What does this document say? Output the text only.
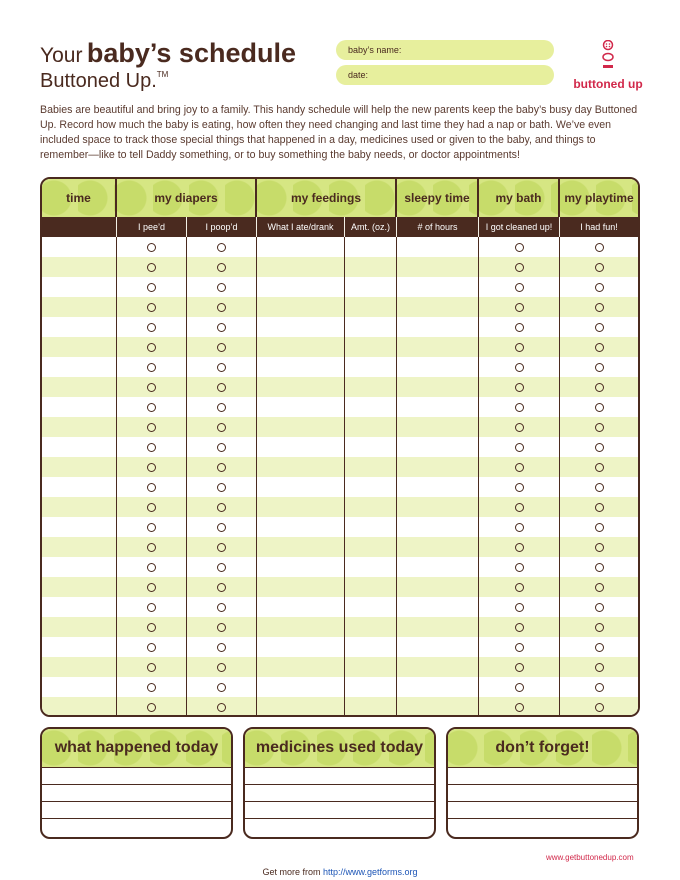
Your baby’s schedule
Buttoned Up.™
baby’s name:
date:
buttoned up
Babies are beautiful and bring joy to a family. This handy schedule will help the new parents keep the baby’s busy day Buttoned Up. Record how much the baby is eating, how often they need changing and last time they had a nap or bath. We’ve even included space to track those special things that happened in a day, medicines used or given to the baby, and things to remember—like to tell Daddy something, or to buy something the baby needs, or doctor appointments!
time	my diapers	my feedings	sleepy time	my bath	my playtime
I pee’d	I poop’d	What I ate/drank	Amt. (oz.)	# of hours	I got cleaned up!	I had fun!
what happened today	medicines used today	don’t forget!
www.getbuttonedup.com
Get more from http://www.getforms.org
